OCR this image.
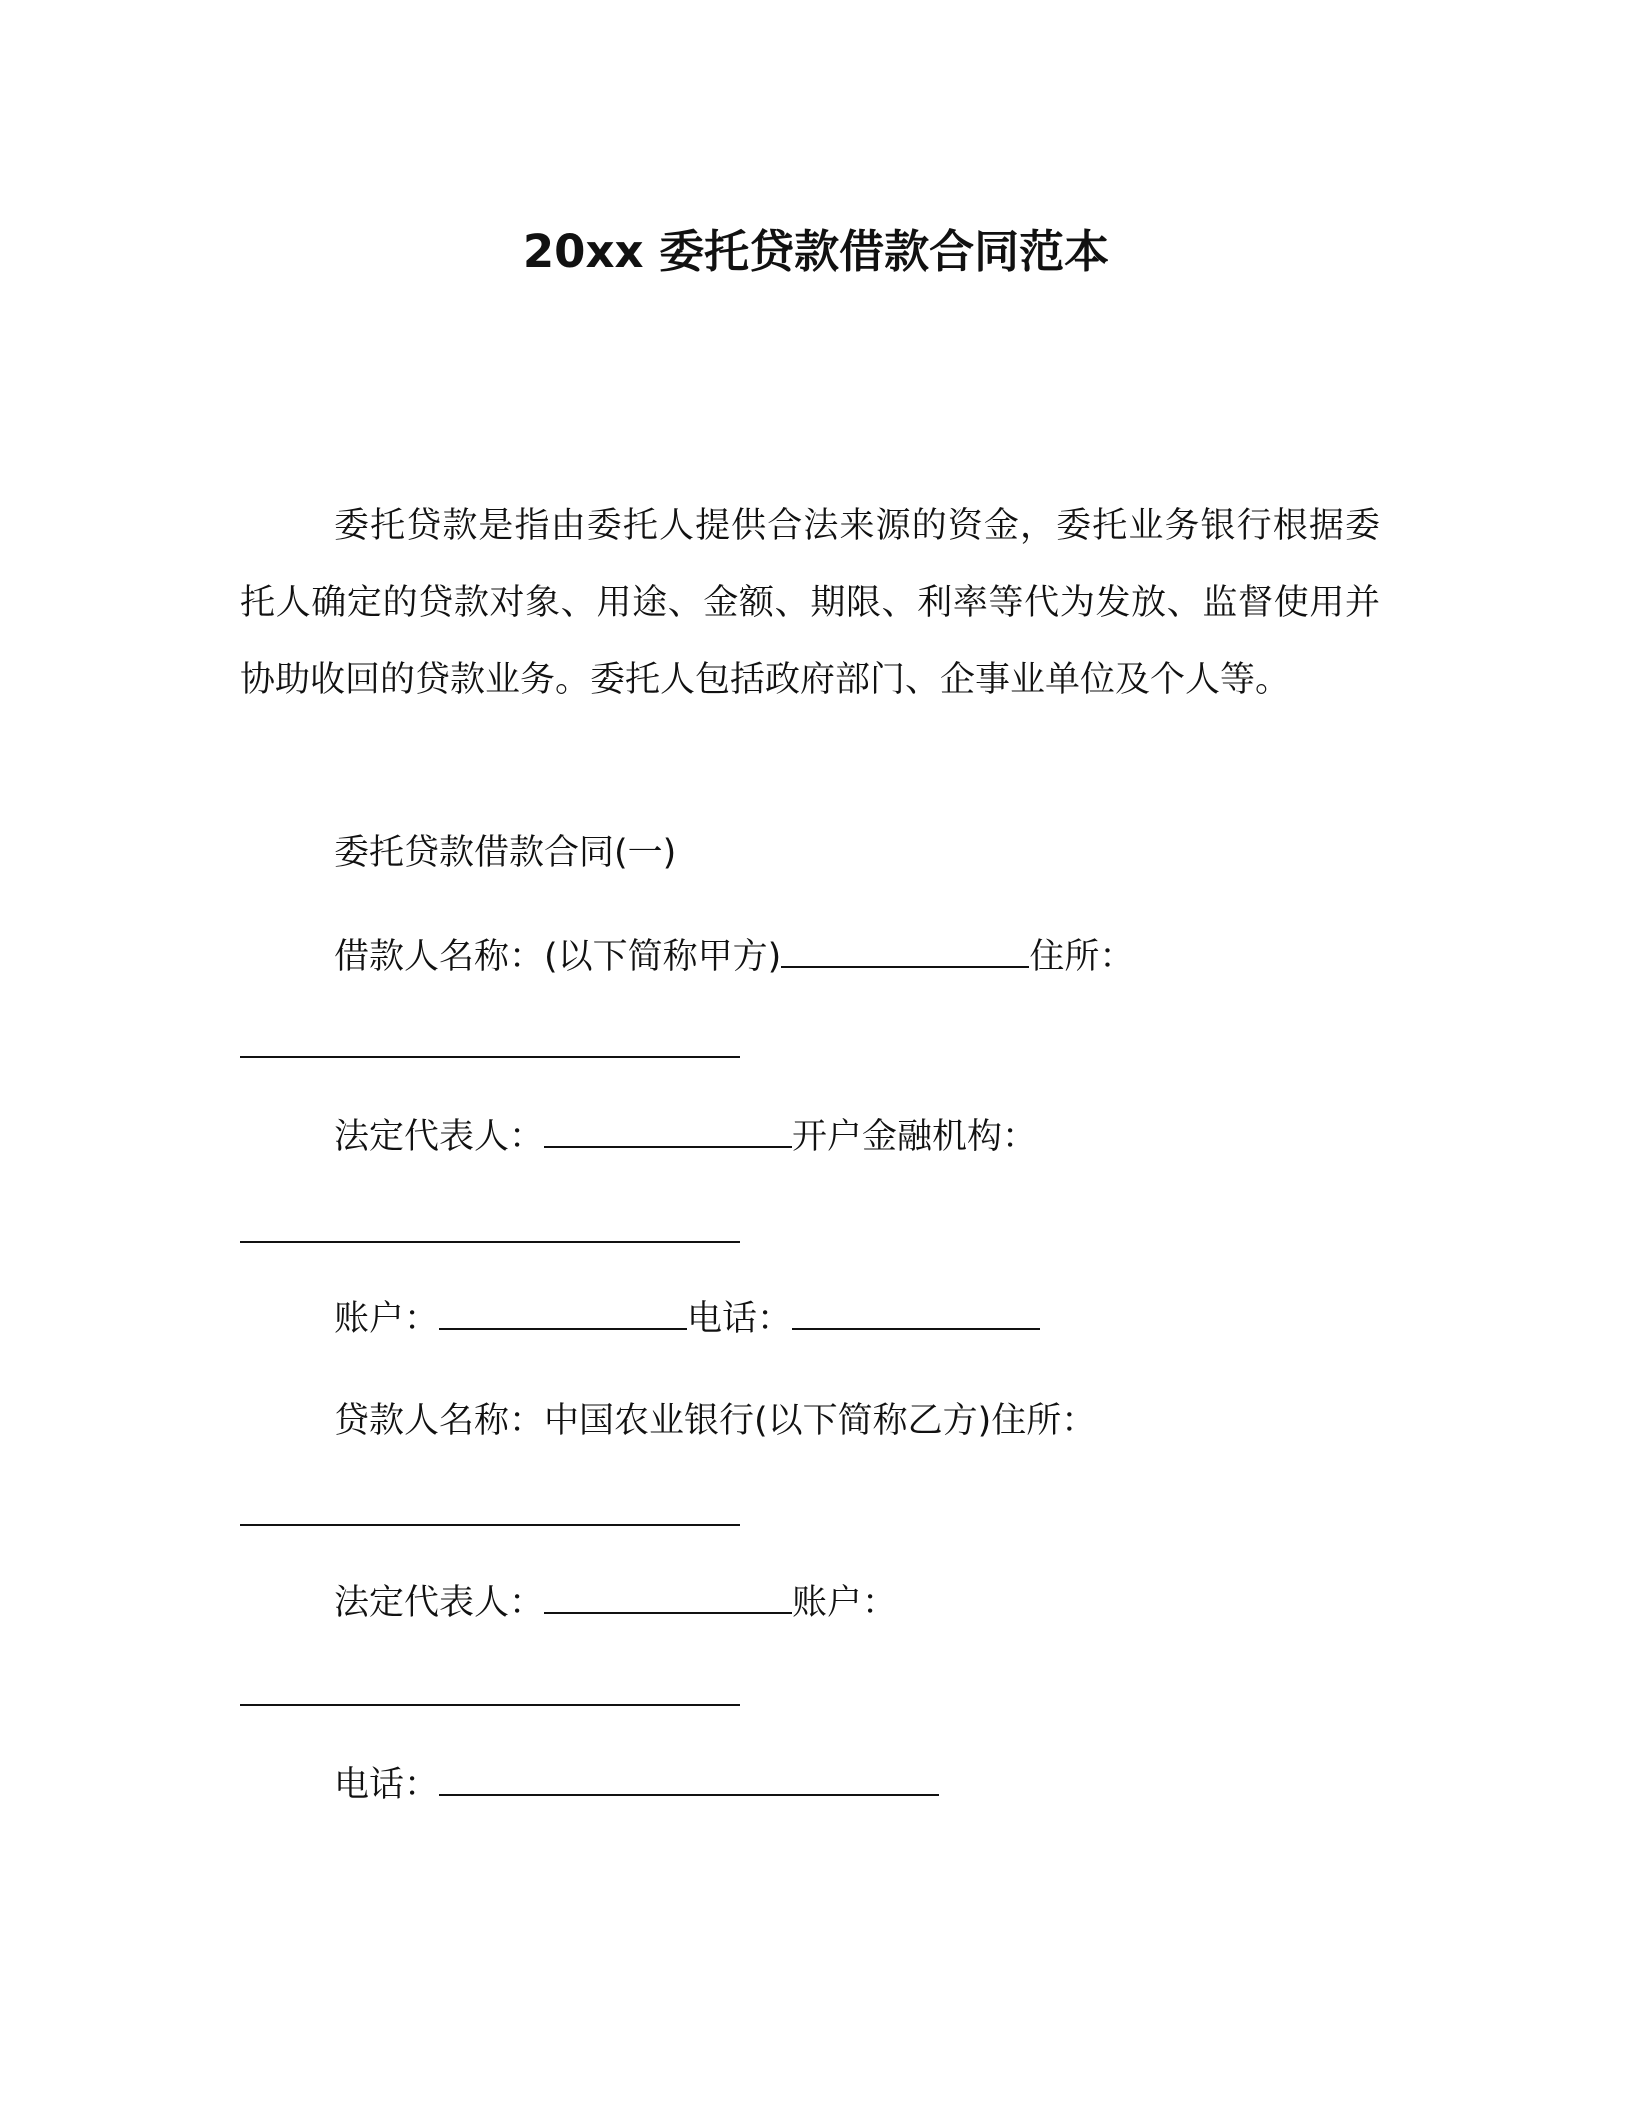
20xx 委托贷款借款合同范本

委托贷款是指由委托人提供合法来源的资金，委托业务银行根据委托人确定的贷款对象、用途、金额、期限、利率等代为发放、监督使用并协助收回的贷款业务。委托人包括政府部门、企事业单位及个人等。

委托贷款借款合同(一)
借款人名称：(以下简称甲方)	住所：
法定代表人：	开户金融机构：
账户：	电话：
贷款人名称：中国农业银行(以下简称乙方)住所：
法定代表人：	账户：
电话：
